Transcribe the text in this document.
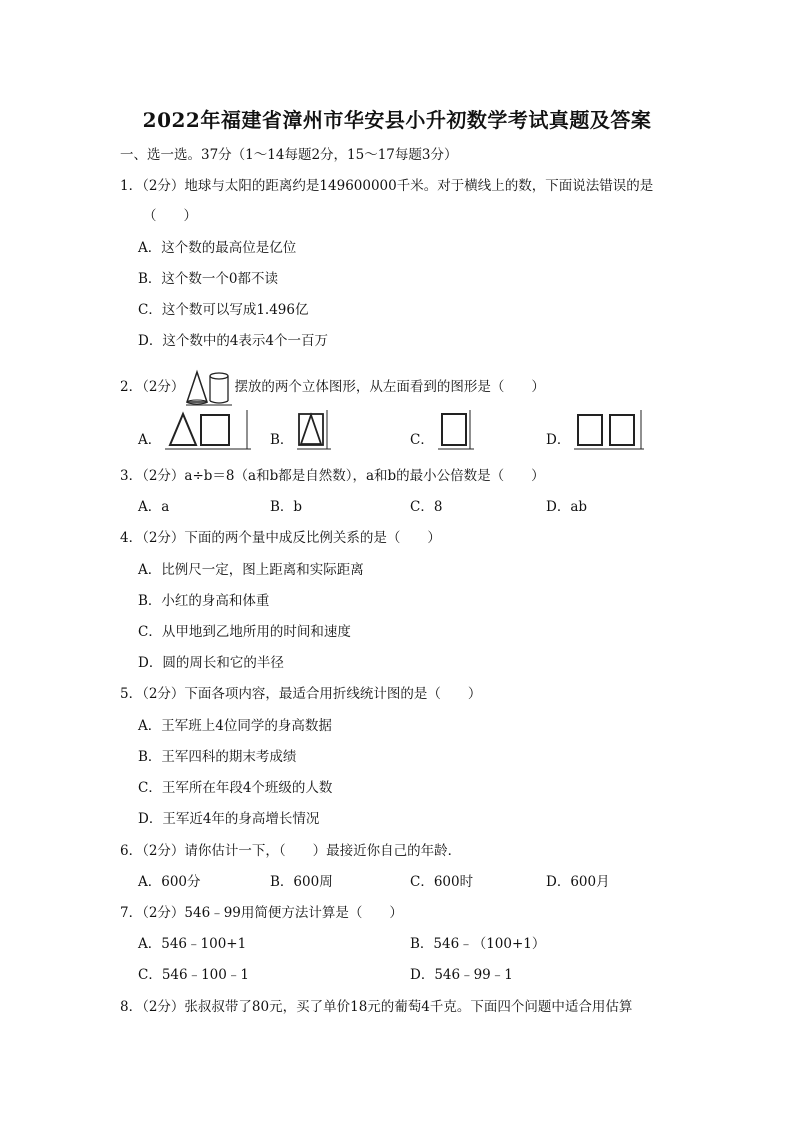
2022年福建省漳州市华安县小升初数学考试真题及答案
一、选一选。37分（1～14每题2分，15～17每题3分）
1．（2分）地球与太阳的距离约是149600000千米。对于横线上的数，下面说法错误的是
（　　）
A．这个数的最高位是亿位
B．这个数一个0都不读
C．这个数可以写成1.496亿
D．这个数中的4表示4个一百万
2．（2分）	摆放的两个立体图形，从左面看到的图形是（　　）
A．	B．	C．	D．
3．（2分）a÷b＝8（a和b都是自然数），a和b的最小公倍数是（　　）
A．a	B．b	C．8	D．ab
4．（2分）下面的两个量中成反比例关系的是（　　）
A．比例尺一定，图上距离和实际距离
B．小红的身高和体重
C．从甲地到乙地所用的时间和速度
D．圆的周长和它的半径
5．（2分）下面各项内容，最适合用折线统计图的是（　　）
A．王军班上4位同学的身高数据
B．王军四科的期末考成绩
C．王军所在年段4个班级的人数
D．王军近4年的身高增长情况
6．（2分）请你估计一下，（　　）最接近你自己的年龄．
A．600分	B．600周	C．600时	D．600月
7．（2分）546﹣99用简便方法计算是（　　）
A．546﹣100+1	B．546﹣（100+1）
C．546﹣100﹣1	D．546﹣99﹣1
8．（2分）张叔叔带了80元，买了单价18元的葡萄4千克。下面四个问题中适合用估算
